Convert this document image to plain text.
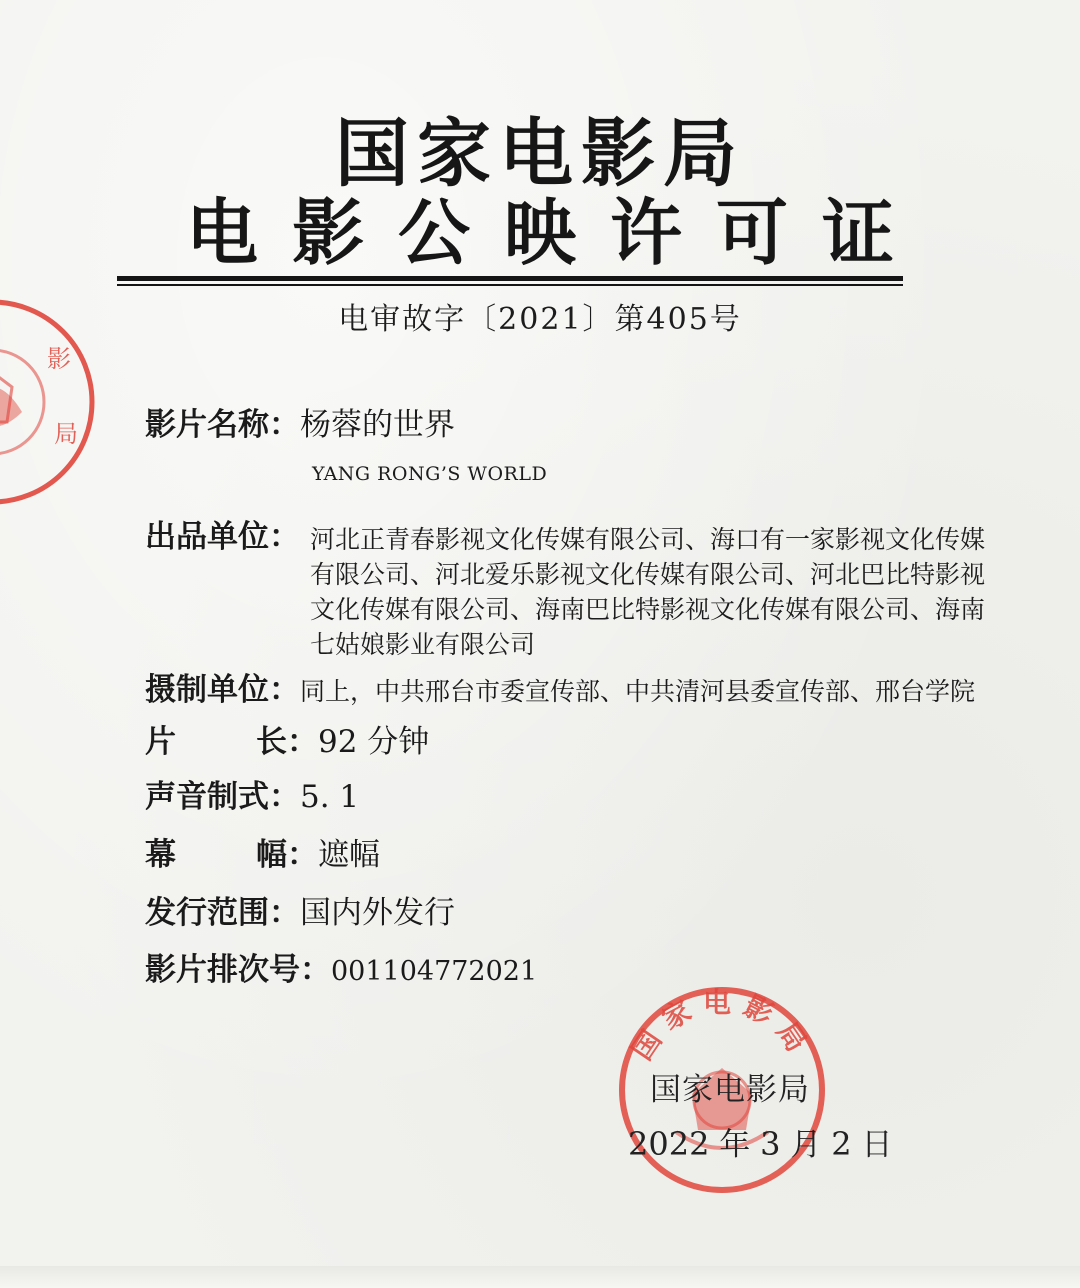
影
局
国家电影局
电影公映许可证
电审故字〔2021〕第405号
影片名称：杨蓉的世界
YANG RONG’S WORLD
出品单位： 河北正青春影视文化传媒有限公司、海口有一家影视文化传媒
有限公司、河北爱乐影视文化传媒有限公司、河北巴比特影视
文化传媒有限公司、海南巴比特影视文化传媒有限公司、海南
七姑娘影业有限公司
摄制单位：同上，中共邢台市委宣传部、中共清河县委宣传部、邢台学院
片长：92 分钟
声音制式：5. 1
幕幅：遮幅
发行范围：国内外发行
影片排次号：001104772021
国家电影局
国家电影局
2022 年 3 月 2 日
